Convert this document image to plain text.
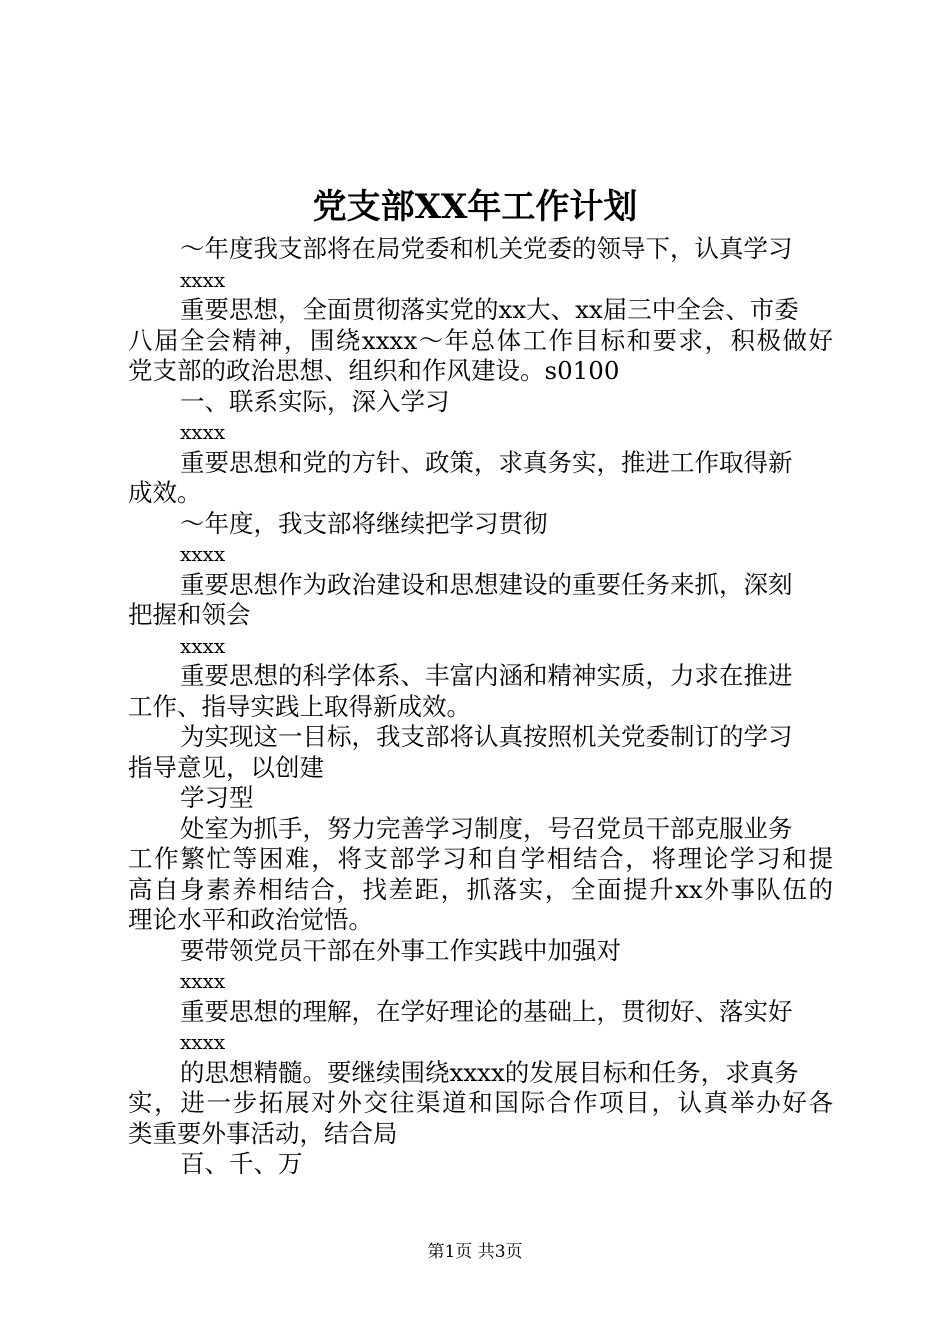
党支部XX年工作计划
～年度我支部将在局党委和机关党委的领导下，认真学习
xxxx
重要思想，全面贯彻落实党的xx大、xx届三中全会、市委
八届全会精神，围绕xxxx～年总体工作目标和要求，积极做好
党支部的政治思想、组织和作风建设。s0100
一、联系实际，深入学习
xxxx
重要思想和党的方针、政策，求真务实，推进工作取得新
成效。
～年度，我支部将继续把学习贯彻
xxxx
重要思想作为政治建设和思想建设的重要任务来抓，深刻
把握和领会
xxxx
重要思想的科学体系、丰富内涵和精神实质，力求在推进
工作、指导实践上取得新成效。
为实现这一目标，我支部将认真按照机关党委制订的学习
指导意见，以创建
学习型
处室为抓手，努力完善学习制度，号召党员干部克服业务
工作繁忙等困难，将支部学习和自学相结合，将理论学习和提
高自身素养相结合，找差距，抓落实，全面提升xx外事队伍的
理论水平和政治觉悟。
要带领党员干部在外事工作实践中加强对
xxxx
重要思想的理解，在学好理论的基础上，贯彻好、落实好
xxxx
的思想精髓。要继续围绕xxxx的发展目标和任务，求真务
实，进一步拓展对外交往渠道和国际合作项目，认真举办好各
类重要外事活动，结合局
百、千、万
第1页 共3页
